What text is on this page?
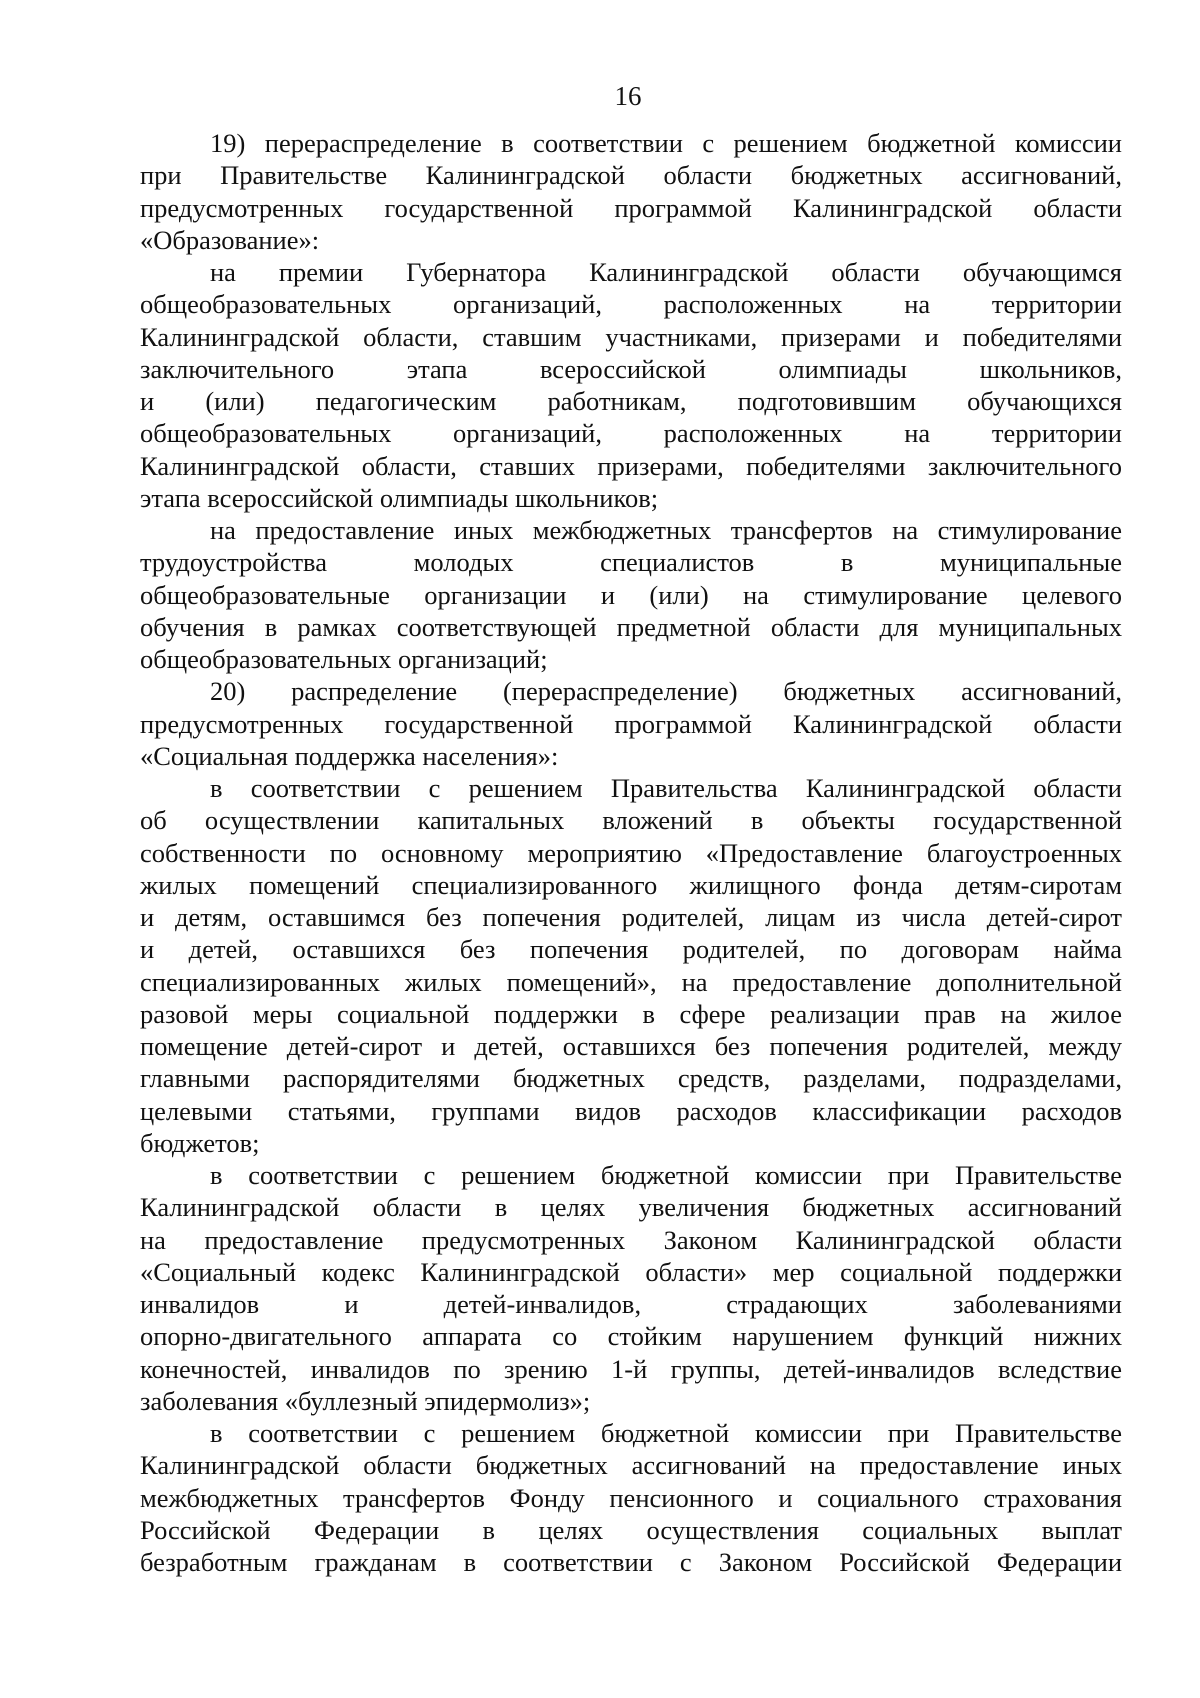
16
19) перераспределение в соответствии с решением бюджетной комиссии
при Правительстве Калининградской области бюджетных ассигнований,
предусмотренных государственной программой Калининградской области
«Образование»:
на премии Губернатора Калининградской области обучающимся
общеобразовательных организаций, расположенных на территории
Калининградской области, ставшим участниками, призерами и победителями
заключительного этапа всероссийской олимпиады школьников,
и (или) педагогическим работникам, подготовившим обучающихся
общеобразовательных организаций, расположенных на территории
Калининградской области, ставших призерами, победителями заключительного
этапа всероссийской олимпиады школьников;
на предоставление иных межбюджетных трансфертов на стимулирование
трудоустройства молодых специалистов в муниципальные
общеобразовательные организации и (или) на стимулирование целевого
обучения в рамках соответствующей предметной области для муниципальных
общеобразовательных организаций;
20) распределение (перераспределение) бюджетных ассигнований,
предусмотренных государственной программой Калининградской области
«Социальная поддержка населения»:
в соответствии с решением Правительства Калининградской области
об осуществлении капитальных вложений в объекты государственной
собственности по основному мероприятию «Предоставление благоустроенных
жилых помещений специализированного жилищного фонда детям-сиротам
и детям, оставшимся без попечения родителей, лицам из числа детей-сирот
и детей, оставшихся без попечения родителей, по договорам найма
специализированных жилых помещений», на предоставление дополнительной
разовой меры социальной поддержки в сфере реализации прав на жилое
помещение детей-сирот и детей, оставшихся без попечения родителей, между
главными распорядителями бюджетных средств, разделами, подразделами,
целевыми статьями, группами видов расходов классификации расходов
бюджетов;
в соответствии с решением бюджетной комиссии при Правительстве
Калининградской области в целях увеличения бюджетных ассигнований
на предоставление предусмотренных Законом Калининградской области
«Социальный кодекс Калининградской области» мер социальной поддержки
инвалидов и детей-инвалидов, страдающих заболеваниями
опорно-двигательного аппарата со стойким нарушением функций нижних
конечностей, инвалидов по зрению 1-й группы, детей-инвалидов вследствие
заболевания «буллезный эпидермолиз»;
в соответствии с решением бюджетной комиссии при Правительстве
Калининградской области бюджетных ассигнований на предоставление иных
межбюджетных трансфертов Фонду пенсионного и социального страхования
Российской Федерации в целях осуществления социальных выплат
безработным гражданам в соответствии с Законом Российской Федерации
